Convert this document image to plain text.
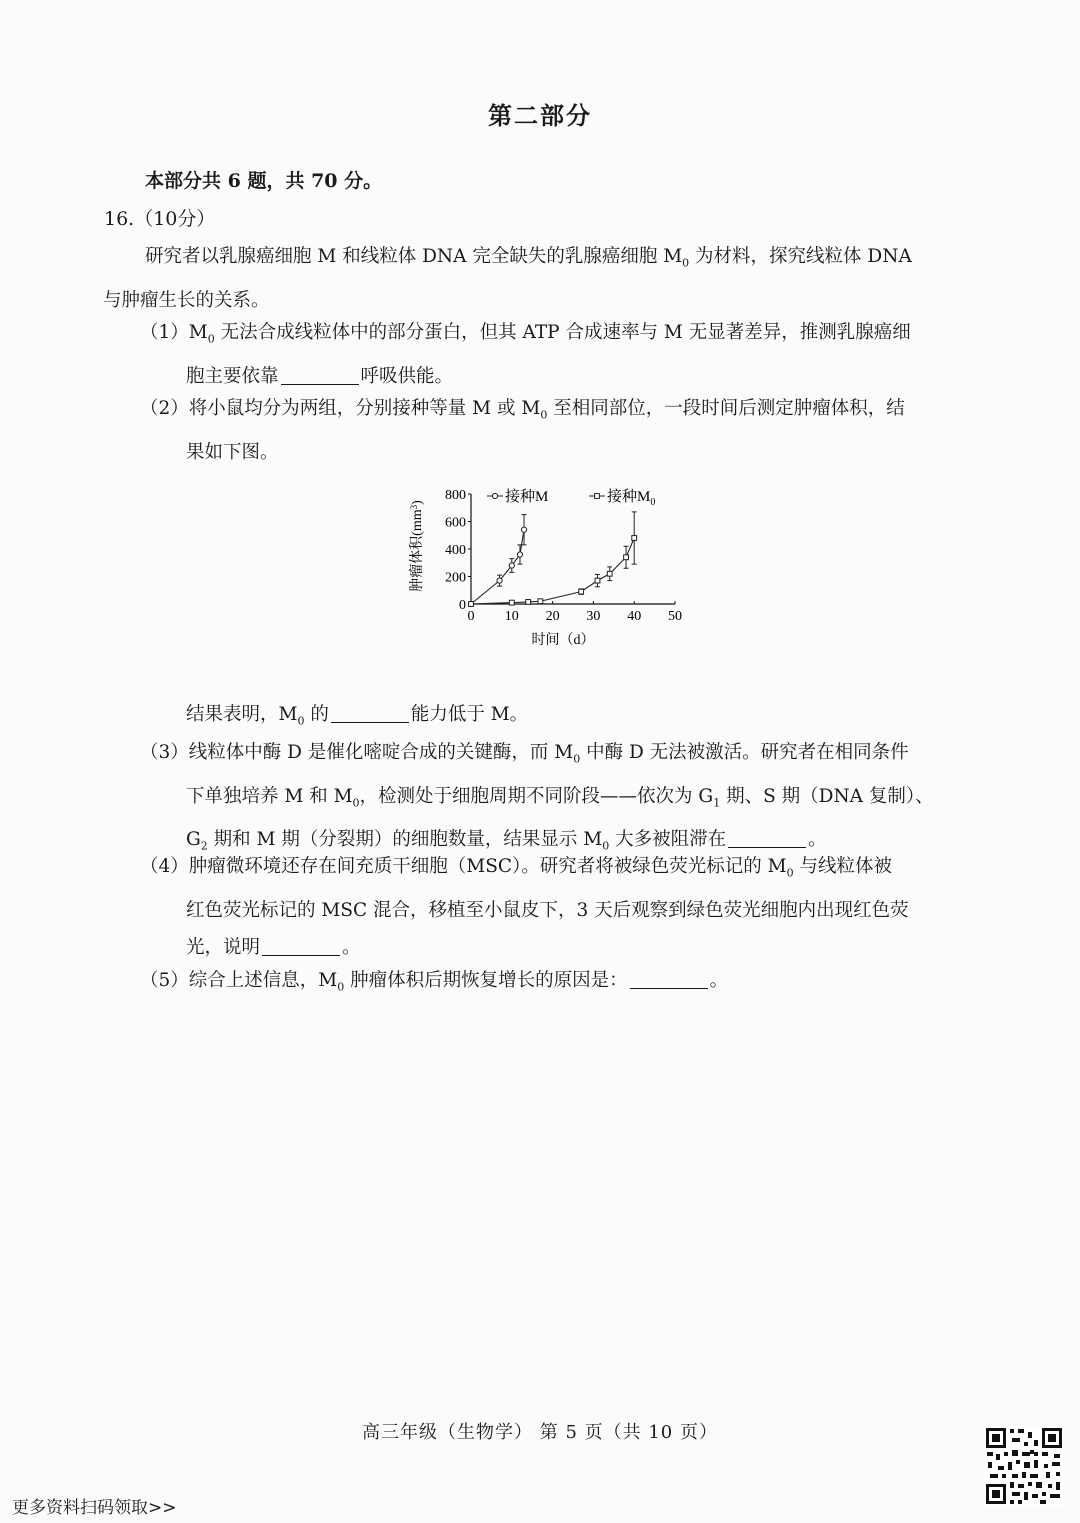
第二部分
本部分共 6 题，共 70 分。
16.（10分）
研究者以乳腺癌细胞 M 和线粒体 DNA 完全缺失的乳腺癌细胞 $M_0$ 为材料，探究线粒体 DNA
与肿瘤生长的关系。
$(1)M_0$ 无法合成线粒体中的部分蛋白，但其 ATP 合成速率与 M 无显著差异，推测乳腺癌细
胞主要依靠	呼吸供能。
（2）将小鼠均分为两组，分别接种等量 M 或 $M_0$ 至相同部位，一段时间后测定肿瘤体积，结
果如下图。
肿瘤体积$(mm^3)$
0 10 20 30 40 50
0
200
400
600
800	接种M	接种$M_0$
时间（d）
结果表明，$M_0$ 的	能力低于 M。
（3）线粒体中酶 D 是催化嘧啶合成的关键酶，而 $M_0$ 中酶 D 无法被激活。研究者在相同条件
下单独培养 M 和 $M_0$，检测处于细胞周期不同阶段——依次为 $G_1$ 期、S 期（DNA 复制）、
$G_2$ 期和 M 期（分裂期）的细胞数量，结果显示 $M_0$ 大多被阻滞在	。
（4）肿瘤微环境还存在间充质干细胞（MSC）。研究者将被绿色荧光标记的 $M_0$ 与线粒体被
红色荧光标记的 MSC 混合，移植至小鼠皮下，3 天后观察到绿色荧光细胞内出现红色荧
光，说明	。
（5）综合上述信息，$M_0$ 肿瘤体积后期恢复增长的原因是：	。
高三年级（生物学） 第 5 页（共 10 页）
更多资料扫码领取>>
